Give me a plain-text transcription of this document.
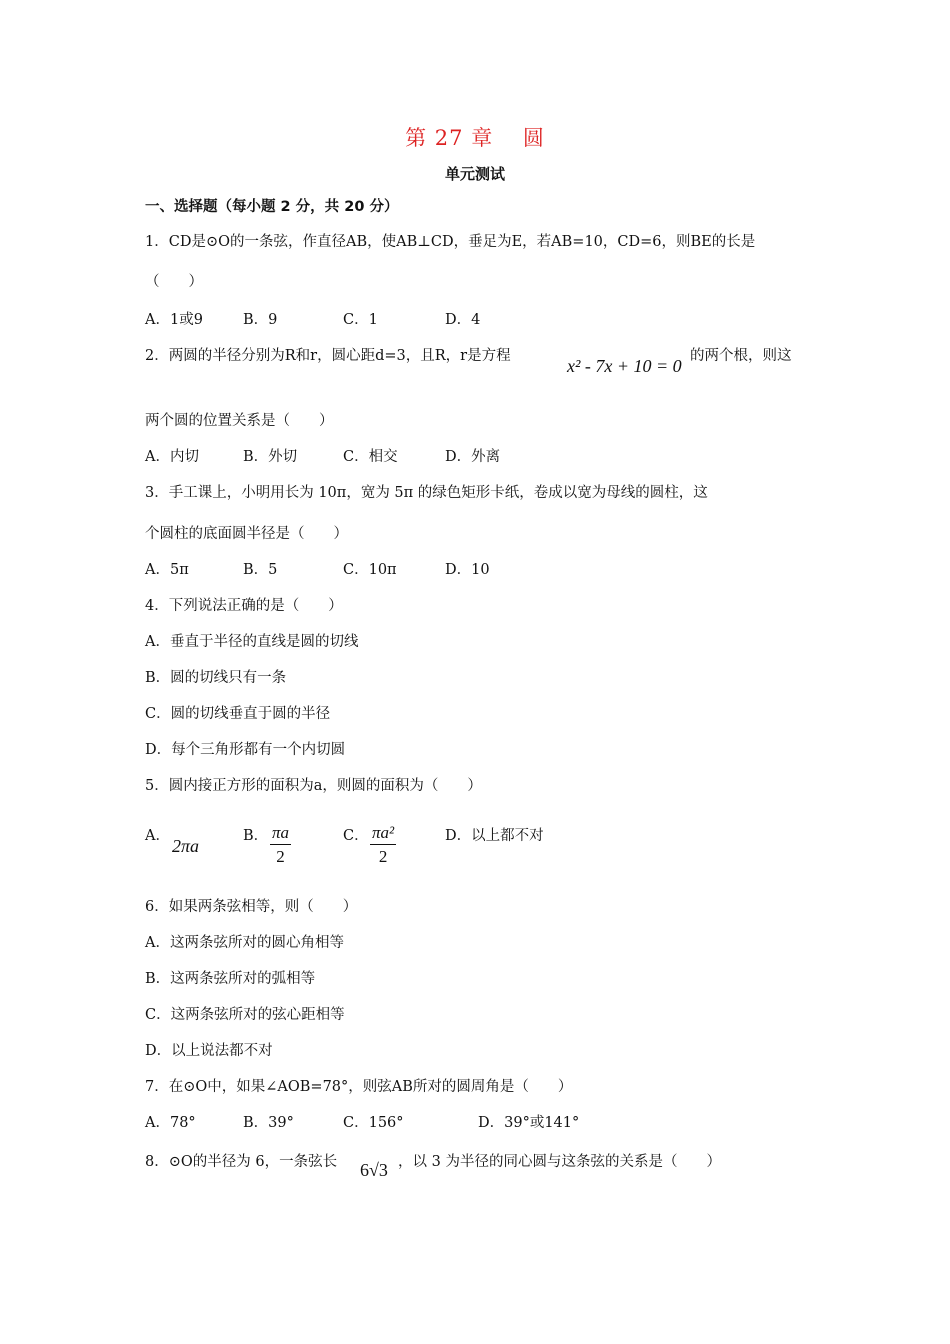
第 27 章　 圆
单元测试
一、选择题（每小题 2 分，共 20 分）
1．CD是⊙O的一条弦，作直径AB，使AB⊥CD，垂足为E，若AB=10，CD=6，则BE的长是
（　　）
A．1或9	B．9	C．1	D．4
2．两圆的半径分别为R和r，圆心距d=3，且R，r是方程	x² - 7x + 10 = 0 的两个根，则这
两个圆的位置关系是（　　）
A．内切	B．外切	C．相交	D．外离
3．手工课上，小明用长为 10π，宽为 5π 的绿色矩形卡纸，卷成以宽为母线的圆柱，这
个圆柱的底面圆半径是（　　）
A．5π	B．5	C．10π	D．10
4．下列说法正确的是（　　）
A．垂直于半径的直线是圆的切线
B．圆的切线只有一条
C．圆的切线垂直于圆的半径
D．每个三角形都有一个内切圆
5．圆内接正方形的面积为a，则圆的面积为（　　）
A． 2πa	B． $\frac{\pi a}{2}$	C． $\frac{\text{πa²}}{2}$	D．以上都不对
6．如果两条弦相等，则（　　）
A．这两条弦所对的圆心角相等
B．这两条弦所对的弧相等
C．这两条弦所对的弦心距相等
D．以上说法都不对
7．在⊙O中，如果∠AOB=78°，则弦AB所对的圆周角是（　　）
A．78°	B．39°	C．156°	D．39°或141°
8．⊙O的半径为 6，一条弦长 6√3 ，以 3 为半径的同心圆与这条弦的关系是（　　）
